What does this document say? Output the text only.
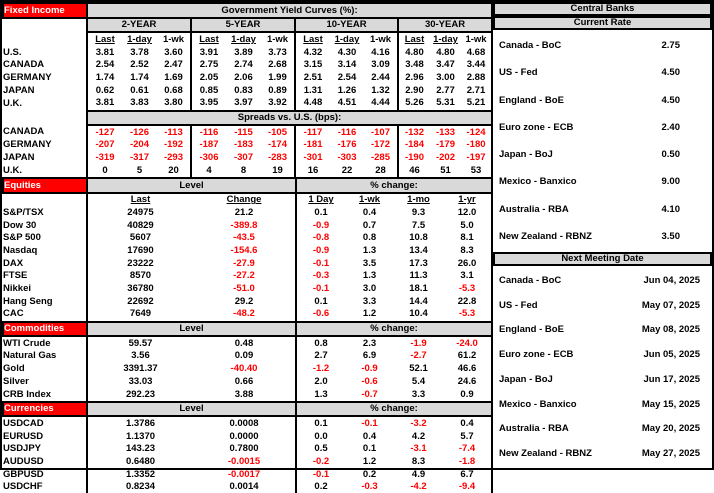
Fixed Income	Government Yield Curves (%):											
	2-YEAR			5-YEAR			10-YEAR			30-YEAR		
	Last	1-day	1-wk	Last	1-day	1-wk	Last	1-day	1-wk	Last	1-day	1-wk
U.S.	3.81	3.78	3.60	3.91	3.89	3.73	4.32	4.30	4.16	4.80	4.80	4.68
CANADA	2.54	2.52	2.47	2.75	2.74	2.68	3.15	3.14	3.09	3.48	3.47	3.44
GERMANY	1.74	1.74	1.69	2.05	2.06	1.99	2.51	2.54	2.44	2.96	3.00	2.88
JAPAN	0.62	0.61	0.68	0.85	0.83	0.89	1.31	1.26	1.32	2.90	2.77	2.71
U.K.	3.81	3.83	3.80	3.95	3.97	3.92	4.48	4.51	4.44	5.26	5.31	5.21
	Spreads vs. U.S. (bps):											
CANADA	-127	-126	-113	-116	-115	-105	-117	-116	-107	-132	-133	-124
GERMANY	-207	-204	-192	-187	-183	-174	-181	-176	-172	-184	-179	-180
JAPAN	-319	-317	-293	-306	-307	-283	-301	-303	-285	-190	-202	-197
U.K.	0	5	20	4	8	19	16	22	28	46	51	53
Equities	Level		% change:			
	Last	Change	1 Day	1-wk	1-mo	1-yr
S&P/TSX	24975	21.2	0.1	0.4	9.3	12.0
Dow 30	40829	-389.8	-0.9	0.7	7.5	5.0
S&P 500	5607	-43.5	-0.8	0.8	10.8	8.1
Nasdaq	17690	-154.6	-0.9	1.3	13.4	8.3
DAX	23222	-27.9	-0.1	3.5	17.3	26.0
FTSE	8570	-27.2	-0.3	1.3	11.3	3.1
Nikkei	36780	-51.0	-0.1	3.0	18.1	-5.3
Hang Seng	22692	29.2	0.1	3.3	14.4	22.8
CAC	7649	-48.2	-0.6	1.2	10.4	-5.3
Commodities	Level		% change:			
WTI Crude	59.57	0.48	0.8	2.3	-1.9	-24.0
Natural Gas	3.56	0.09	2.7	6.9	-2.7	61.2
Gold	3391.37	-40.40	-1.2	-0.9	52.1	46.6
Silver	33.03	0.66	2.0	-0.6	5.4	24.6
CRB Index	292.23	3.88	1.3	-0.7	3.3	0.9
Currencies	Level		% change:			
USDCAD	1.3786	0.0008	0.1	-0.1	-3.2	0.4
EURUSD	1.1370	0.0000	0.0	0.4	4.2	5.7
USDJPY	143.23	0.7800	0.5	0.1	-3.1	-7.4
AUDUSD	0.6480	-0.0015	-0.2	1.2	8.3	-1.8
GBPUSD	1.3352	-0.0017	-0.1	0.2	4.9	6.7
USDCHF	0.8234	0.0014	0.2	-0.3	-4.2	-9.4
Central Banks
Current Rate
Canada - BoC	2.75
US - Fed	4.50
England - BoE	4.50
Euro zone - ECB	2.40
Japan - BoJ	0.50
Mexico - Banxico	9.00
Australia - RBA	4.10
New Zealand - RBNZ	3.50
Next Meeting Date
Canada - BoC	Jun 04, 2025
US - Fed	May 07, 2025
England - BoE	May 08, 2025
Euro zone - ECB	Jun 05, 2025
Japan - BoJ	Jun 17, 2025
Mexico - Banxico	May 15, 2025
Australia - RBA	May 20, 2025
New Zealand - RBNZ	May 27, 2025
